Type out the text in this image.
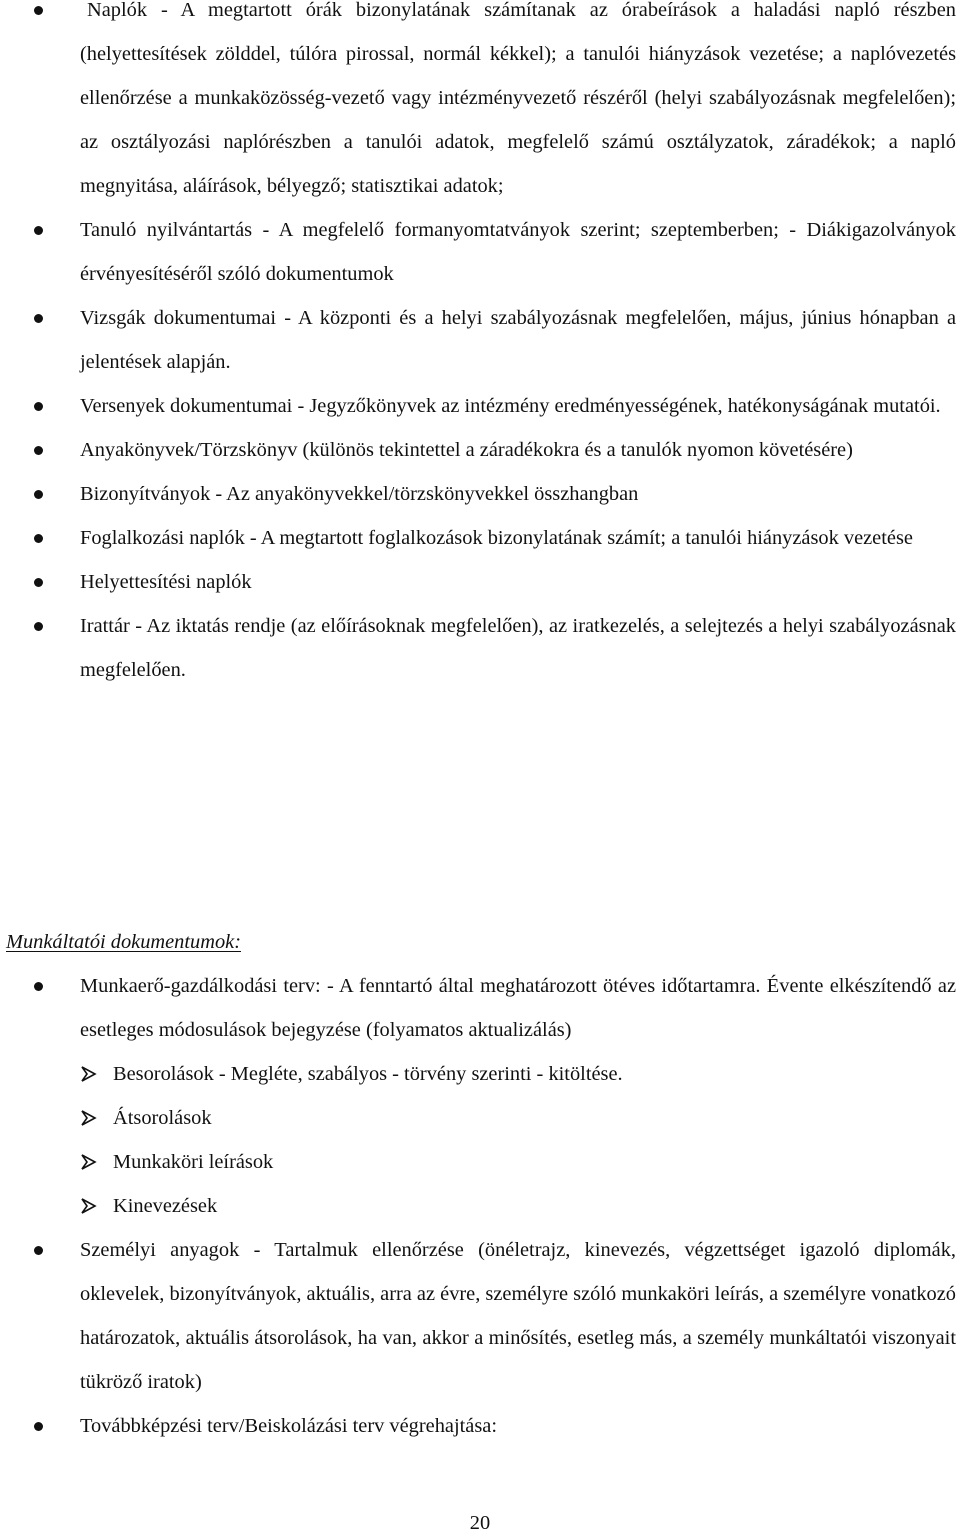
Naplók - A megtartott órák bizonylatának számítanak az órabeírások a haladási napló részben (helyettesítések zölddel, túlóra pirossal, normál kékkel); a tanulói hiányzások vezetése; a naplóvezetés ellenőrzése a munkaközösség-vezető vagy intézményvezető részéről (helyi szabályozásnak megfelelően); az osztályozási naplórészben a tanulói adatok, megfelelő számú osztályzatok, záradékok; a napló megnyitása, aláírások, bélyegző; statisztikai adatok;
Tanuló nyilvántartás - A megfelelő formanyomtatványok szerint; szeptemberben; - Diákigazolványok érvényesítéséről szóló dokumentumok
Vizsgák dokumentumai - A központi és a helyi szabályozásnak megfelelően, május, június hónapban a jelentések alapján.
Versenyek dokumentumai - Jegyzőkönyvek az intézmény eredményességének, hatékonyságának mutatói.
Anyakönyvek/Törzskönyv (különös tekintettel a záradékokra és a tanulók nyomon követésére)
Bizonyítványok - Az anyakönyvekkel/törzskönyvekkel összhangban
Foglalkozási naplók - A megtartott foglalkozások bizonylatának számít; a tanulói hiányzások vezetése
Helyettesítési naplók
Irattár - Az iktatás rendje (az előírásoknak megfelelően), az iratkezelés, a selejtezés a helyi szabályozásnak megfelelően.
Munkáltatói dokumentumok:
Munkaerő-gazdálkodási terv: - A fenntartó által meghatározott ötéves időtartamra. Évente elkészítendő az esetleges módosulások bejegyzése (folyamatos aktualizálás)
Besorolások - Megléte, szabályos - törvény szerinti - kitöltése.
Átsorolások
Munkaköri leírások
Kinevezések
Személyi anyagok - Tartalmuk ellenőrzése (önéletrajz, kinevezés, végzettséget igazoló diplomák, oklevelek, bizonyítványok, aktuális, arra az évre, személyre szóló munkaköri leírás, a személyre vonatkozó határozatok, aktuális átsorolások, ha van, akkor a minősítés, esetleg más, a személy munkáltatói viszonyait tükröző iratok)
Továbbképzési terv/Beiskolázási terv végrehajtása:
20
